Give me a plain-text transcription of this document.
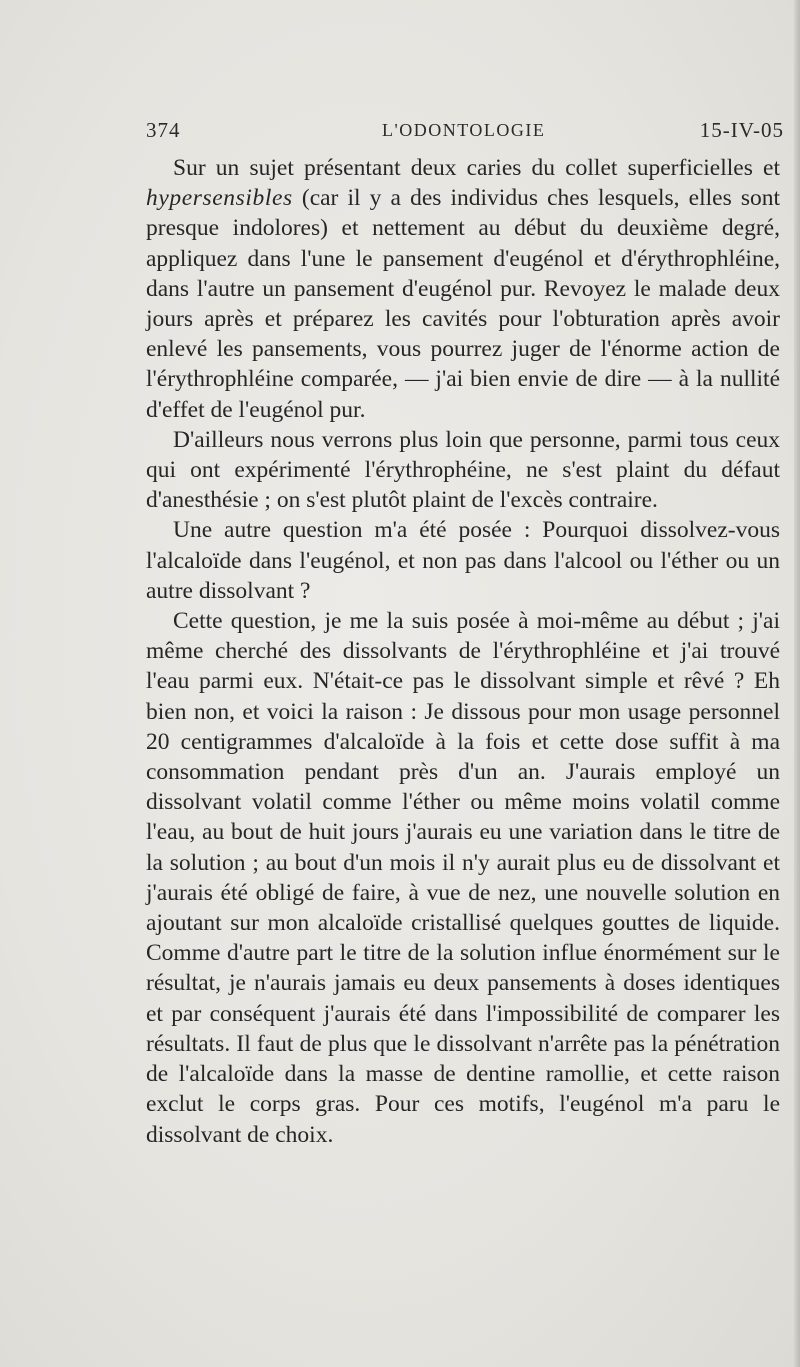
374	L'ODONTOLOGIE	15-IV-05

Sur un sujet présentant deux caries du collet superficielles et hypersensibles (car il y a des individus ches lesquels, elles sont presque indolores) et nettement au début du deuxième degré, appliquez dans l'une le pansement d'eugénol et d'érythrophléine, dans l'autre un pansement d'eugénol pur. Revoyez le malade deux jours après et préparez les cavités pour l'obturation après avoir enlevé les pansements, vous pourrez juger de l'énorme action de l'érythrophléine comparée, — j'ai bien envie de dire — à la nullité d'effet de l'eugénol pur.

D'ailleurs nous verrons plus loin que personne, parmi tous ceux qui ont expérimenté l'érythrophéine, ne s'est plaint du défaut d'anesthésie ; on s'est plutôt plaint de l'excès contraire.

Une autre question m'a été posée : Pourquoi dissolvez-vous l'alcaloïde dans l'eugénol, et non pas dans l'alcool ou l'éther ou un autre dissolvant ?

Cette question, je me la suis posée à moi-même au début ; j'ai même cherché des dissolvants de l'érythrophléine et j'ai trouvé l'eau parmi eux. N'était-ce pas le dissolvant simple et rêvé ? Eh bien non, et voici la raison : Je dissous pour mon usage personnel 20 centigrammes d'alcaloïde à la fois et cette dose suffit à ma consommation pendant près d'un an. J'aurais employé un dissolvant volatil comme l'éther ou même moins volatil comme l'eau, au bout de huit jours j'aurais eu une variation dans le titre de la solution ; au bout d'un mois il n'y aurait plus eu de dissolvant et j'aurais été obligé de faire, à vue de nez, une nouvelle solution en ajoutant sur mon alcaloïde cristallisé quelques gouttes de liquide. Comme d'autre part le titre de la solution influe énormément sur le résultat, je n'aurais jamais eu deux pansements à doses identiques et par conséquent j'aurais été dans l'impossibilité de comparer les résultats. Il faut de plus que le dissolvant n'arrête pas la pénétration de l'alcaloïde dans la masse de dentine ramollie, et cette raison exclut le corps gras. Pour ces motifs, l'eugénol m'a paru le dissolvant de choix.
